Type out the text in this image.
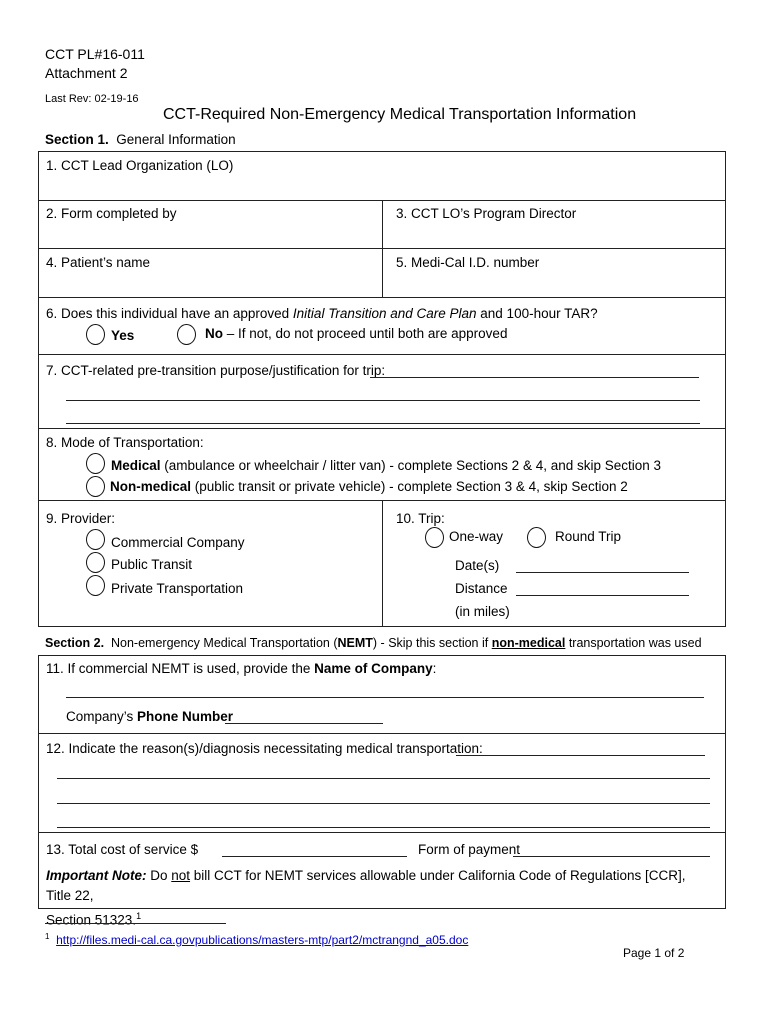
CCT PL#16-011
Attachment 2
Last Rev: 02-19-16
CCT-Required Non-Emergency Medical Transportation Information
Section 1. General Information
1. CCT Lead Organization (LO)
2. Form completed by	3. CCT LO’s Program Director
4. Patient’s name	5. Medi-Cal I.D. number
6. Does this individual have an approved Initial Transition and Care Plan and 100-hour TAR?
Yes	No – If not, do not proceed until both are approved
7. CCT-related pre-transition purpose/justification for trip:
8. Mode of Transportation:
Medical (ambulance or wheelchair / litter van) - complete Sections 2 & 4, and skip Section 3
Non-medical (public transit or private vehicle) - complete Section 3 & 4, skip Section 2
9. Provider:
Commercial Company
Public Transit
Private Transportation
10. Trip:
One-way	Round Trip
Date(s)
Distance
(in miles)
Section 2. Non-emergency Medical Transportation (NEMT) - Skip this section if non-medical transportation was used
11. If commercial NEMT is used, provide the Name of Company:
Company’s Phone Number
12. Indicate the reason(s)/diagnosis necessitating medical transportation:
13. Total cost of service $	Form of payment
Important Note: Do not bill CCT for NEMT services allowable under California Code of Regulations [CCR], Title 22,
Section 51323.$^1$
$^1$ http://files.medi-cal.ca.govpublications/masters-mtp/part2/mctrangnd_a05.doc
Page 1 of 2
